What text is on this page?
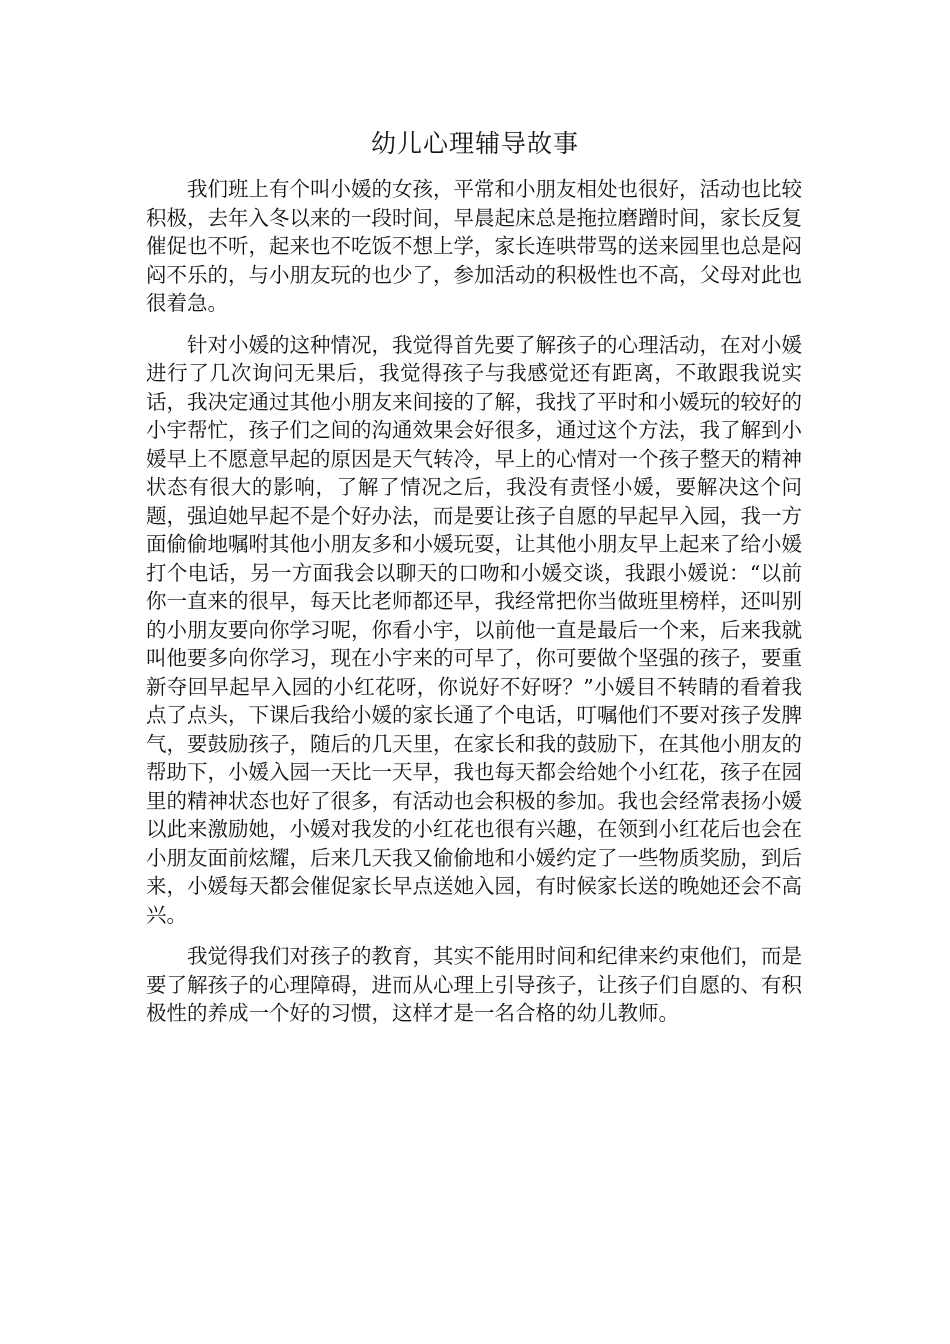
幼儿心理辅导故事

我们班上有个叫小媛的女孩，平常和小朋友相处也很好，活动也比较积极，去年入冬以来的一段时间，早晨起床总是拖拉磨蹭时间，家长反复催促也不听，起来也不吃饭不想上学，家长连哄带骂的送来园里也总是闷闷不乐的，与小朋友玩的也少了，参加活动的积极性也不高，父母对此也很着急。

针对小媛的这种情况，我觉得首先要了解孩子的心理活动，在对小媛进行了几次询问无果后，我觉得孩子与我感觉还有距离，不敢跟我说实话，我决定通过其他小朋友来间接的了解，我找了平时和小媛玩的较好的小宇帮忙，孩子们之间的沟通效果会好很多，通过这个方法，我了解到小媛早上不愿意早起的原因是天气转冷，早上的心情对一个孩子整天的精神状态有很大的影响，了解了情况之后，我没有责怪小媛，要解决这个问题，强迫她早起不是个好办法，而是要让孩子自愿的早起早入园，我一方面偷偷地嘱咐其他小朋友多和小媛玩耍，让其他小朋友早上起来了给小媛打个电话，另一方面我会以聊天的口吻和小媛交谈，我跟小媛说：“以前你一直来的很早，每天比老师都还早，我经常把你当做班里榜样，还叫别的小朋友要向你学习呢，你看小宇，以前他一直是最后一个来，后来我就叫他要多向你学习，现在小宇来的可早了，你可要做个坚强的孩子，要重新夺回早起早入园的小红花呀，你说好不好呀？”小媛目不转睛的看着我点了点头，下课后我给小媛的家长通了个电话，叮嘱他们不要对孩子发脾气，要鼓励孩子，随后的几天里，在家长和我的鼓励下，在其他小朋友的帮助下，小媛入园一天比一天早，我也每天都会给她个小红花，孩子在园里的精神状态也好了很多，有活动也会积极的参加。我也会经常表扬小媛以此来激励她，小媛对我发的小红花也很有兴趣，在领到小红花后也会在小朋友面前炫耀，后来几天我又偷偷地和小媛约定了一些物质奖励，到后来，小媛每天都会催促家长早点送她入园，有时候家长送的晚她还会不高兴。

我觉得我们对孩子的教育，其实不能用时间和纪律来约束他们，而是要了解孩子的心理障碍，进而从心理上引导孩子，让孩子们自愿的、有积极性的养成一个好的习惯，这样才是一名合格的幼儿教师。
